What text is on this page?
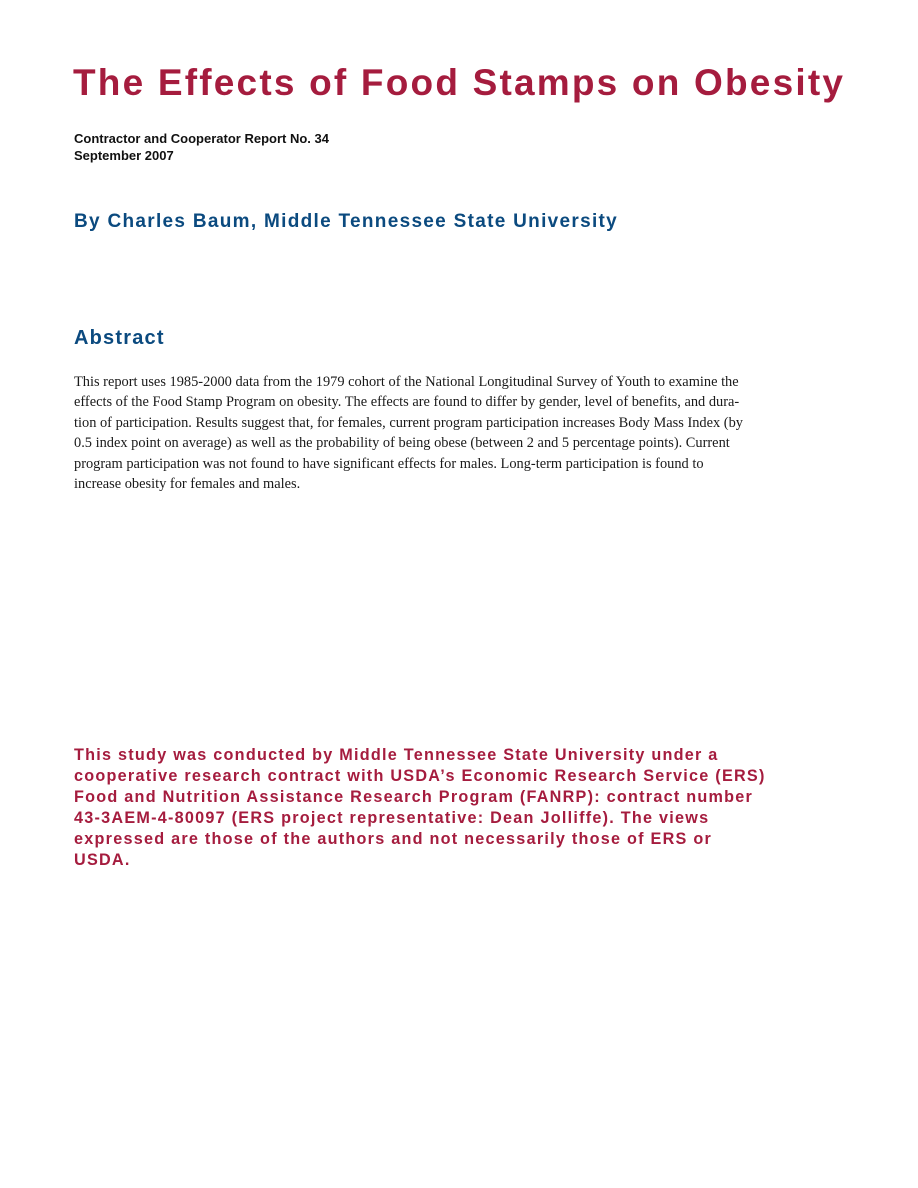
The Effects of Food Stamps on Obesity
Contractor and Cooperator Report No. 34
September 2007
By Charles Baum, Middle Tennessee State University
Abstract

This report uses 1985-2000 data from the 1979 cohort of the National Longitudinal Survey of Youth to examine the
effects of the Food Stamp Program on obesity. The effects are found to differ by gender, level of benefits, and dura-
tion of participation. Results suggest that, for females, current program participation increases Body Mass Index (by
0.5 index point on average) as well as the probability of being obese (between 2 and 5 percentage points). Current
program participation was not found to have significant effects for males. Long-term participation is found to
increase obesity for females and males.

This study was conducted by Middle Tennessee State University under a
cooperative research contract with USDA’s Economic Research Service (ERS)
Food and Nutrition Assistance Research Program (FANRP): contract number
43-3AEM-4-80097 (ERS project representative: Dean Jolliffe). The views
expressed are those of the authors and not necessarily those of ERS or
USDA.
